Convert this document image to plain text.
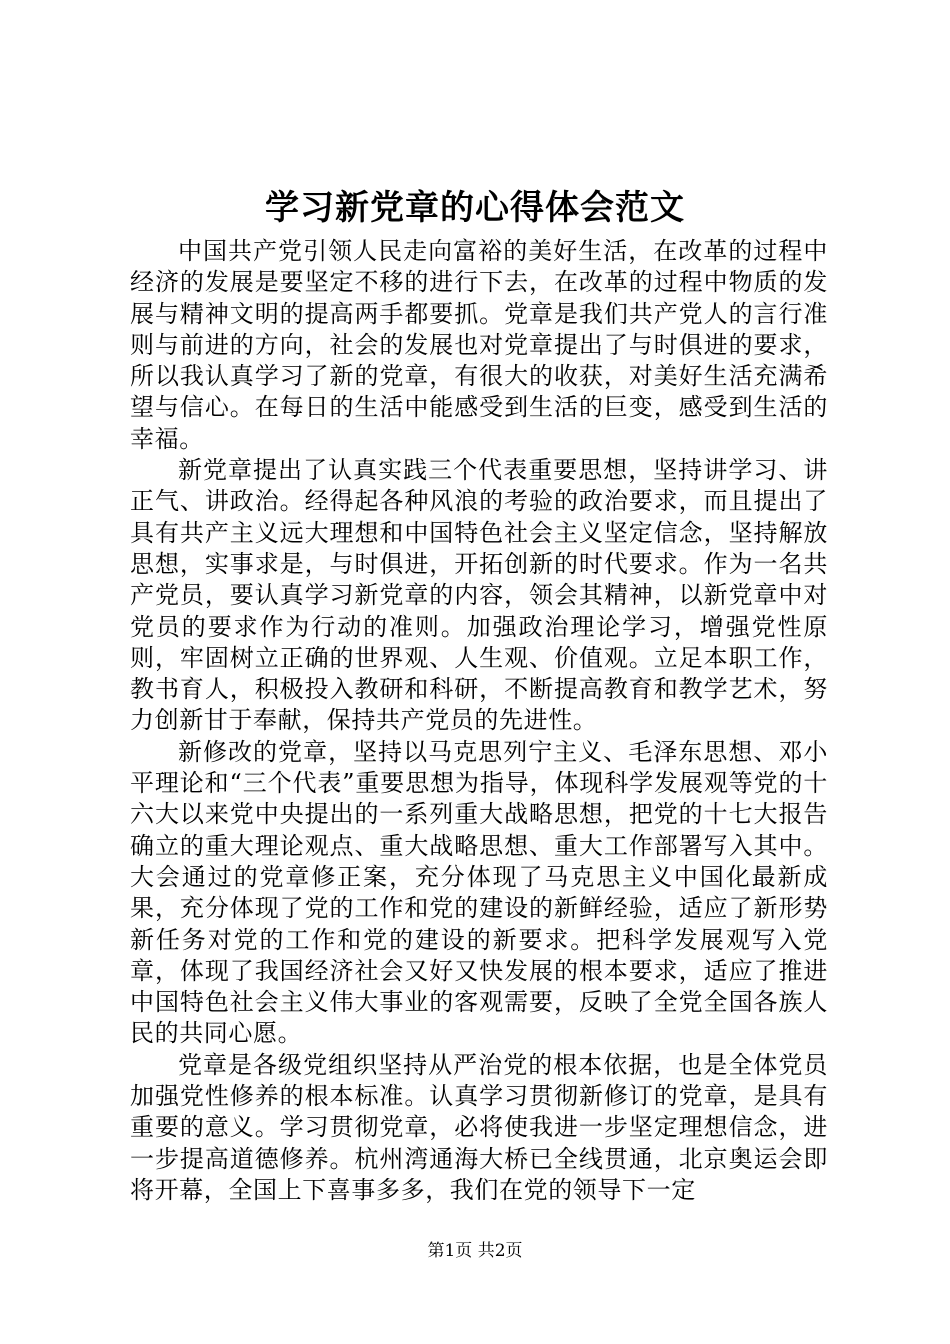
学习新党章的心得体会范文

中国共产党引领人民走向富裕的美好生活，在改革的过程中经济的发展是要坚定不移的进行下去，在改革的过程中物质的发展与精神文明的提高两手都要抓。党章是我们共产党人的言行准则与前进的方向，社会的发展也对党章提出了与时俱进的要求，所以我认真学习了新的党章，有很大的收获，对美好生活充满希望与信心。在每日的生活中能感受到生活的巨变，感受到生活的幸福。

新党章提出了认真实践三个代表重要思想，坚持讲学习、讲正气、讲政治。经得起各种风浪的考验的政治要求，而且提出了具有共产主义远大理想和中国特色社会主义坚定信念，坚持解放思想，实事求是，与时俱进，开拓创新的时代要求。作为一名共产党员，要认真学习新党章的内容，领会其精神，以新党章中对党员的要求作为行动的准则。加强政治理论学习，增强党性原则，牢固树立正确的世界观、人生观、价值观。立足本职工作，教书育人，积极投入教研和科研，不断提高教育和教学艺术，努力创新甘于奉献，保持共产党员的先进性。

新修改的党章，坚持以马克思列宁主义、毛泽东思想、邓小平理论和“三个代表”重要思想为指导，体现科学发展观等党的十六大以来党中央提出的一系列重大战略思想，把党的十七大报告确立的重大理论观点、重大战略思想、重大工作部署写入其中。大会通过的党章修正案，充分体现了马克思主义中国化最新成果，充分体现了党的工作和党的建设的新鲜经验，适应了新形势新任务对党的工作和党的建设的新要求。把科学发展观写入党章，体现了我国经济社会又好又快发展的根本要求，适应了推进中国特色社会主义伟大事业的客观需要，反映了全党全国各族人民的共同心愿。

党章是各级党组织坚持从严治党的根本依据，也是全体党员加强党性修养的根本标准。认真学习贯彻新修订的党章，是具有重要的意义。学习贯彻党章，必将使我进一步坚定理想信念，进一步提高道德修养。杭州湾通海大桥已全线贯通，北京奥运会即将开幕，全国上下喜事多多，我们在党的领导下一定

第1页 共2页
